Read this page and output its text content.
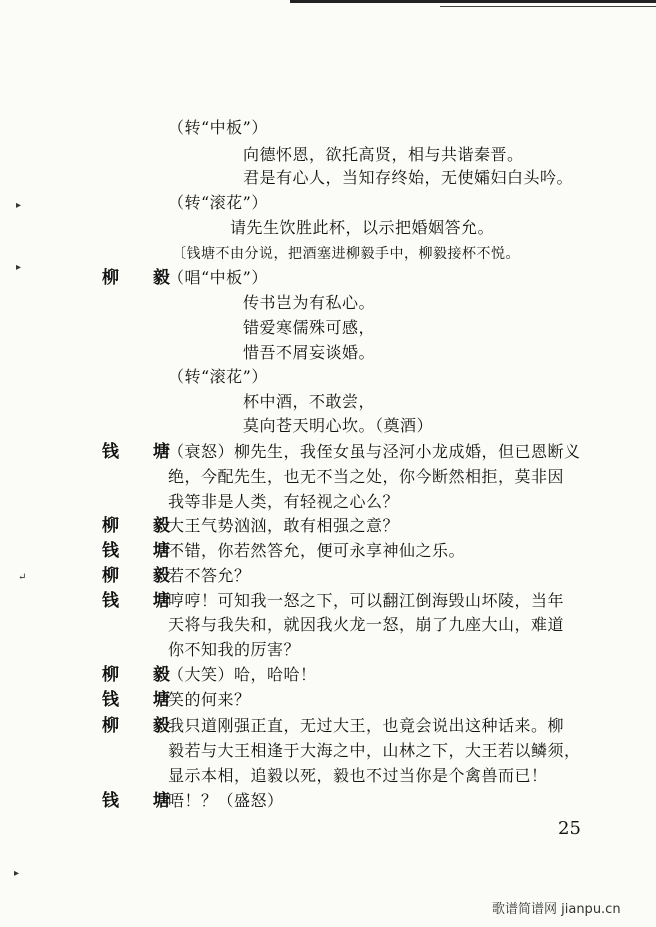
▸
▸
↵
▸
（转“中板”）
向德怀恩，欲托高贤，相与共谐秦晋。
君是有心人，当知存终始，无使孀妇白头吟。
（转“滚花”）
请先生饮胜此杯，以示把婚姻答允。
〔钱塘不由分说，把酒塞进柳毅手中，柳毅接杯不悦。
柳 毅
（唱“中板”）
传书岂为有私心。
错爱寒儒殊可感，
惜吾不屑妄谈婚。
（转“滚花”）
杯中酒，不敢尝，
莫向苍天明心坎。（奠酒）
钱 塘
（衰怒）柳先生，我侄女虽与泾河小龙成婚，但已恩断义
绝，今配先生，也无不当之处，你今断然相拒，莫非因
我等非是人类，有轻视之心么？
柳 毅
大王气势汹汹，敢有相强之意？
钱 塘
不错，你若然答允，便可永享神仙之乐。
柳 毅
若不答允？
钱 塘
哼哼！可知我一怒之下，可以翻江倒海毁山坏陵，当年
天将与我失和，就因我火龙一怒，崩了九座大山，难道
你不知我的厉害？
柳 毅
（大笑）哈，哈哈！
钱 塘
笑的何来？
柳 毅
我只道刚强正直，无过大王，也竟会说出这种话来。柳
毅若与大王相逢于大海之中，山林之下，大王若以鳞须，
显示本相，追毅以死，毅也不过当你是个禽兽而已！
钱 塘
唔！？（盛怒）
25
歌谱简谱网 jianpu.cn
